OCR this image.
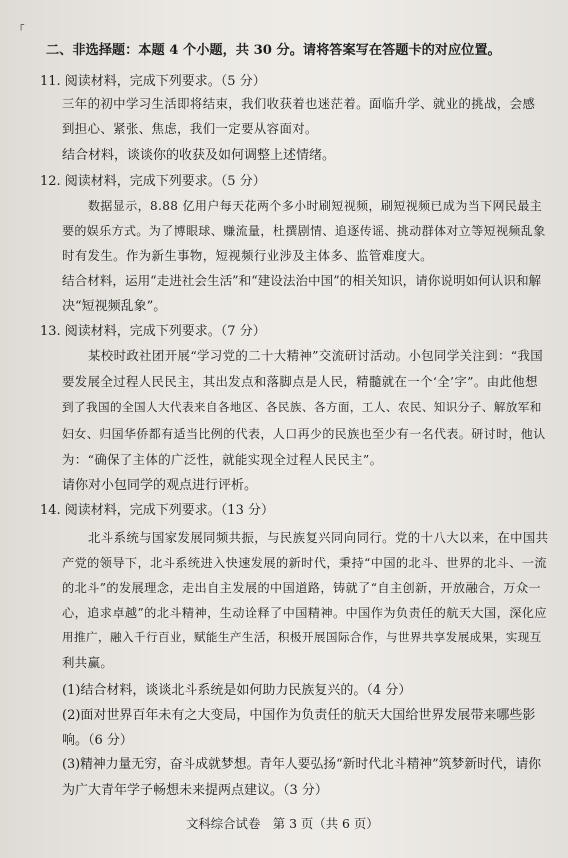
┌
二、非选择题：本题 4 个小题，共 30 分。请将答案写在答题卡的对应位置。
11. 阅读材料，完成下列要求。（5 分）
三年的初中学习生活即将结束，我们收获着也迷茫着。面临升学、就业的挑战，会感
到担心、紧张、焦虑，我们一定要从容面对。
结合材料，谈谈你的收获及如何调整上述情绪。
12. 阅读材料，完成下列要求。（5 分）
数据显示，8.88 亿用户每天花两个多小时刷短视频，刷短视频已成为当下网民最主
要的娱乐方式。为了博眼球、赚流量，杜撰剧情、追逐传谣、挑动群体对立等短视频乱象
时有发生。作为新生事物，短视频行业涉及主体多、监管难度大。
结合材料，运用“走进社会生活”和“建设法治中国”的相关知识，请你说明如何认识和解
决“短视频乱象”。
13. 阅读材料，完成下列要求。（7 分）
某校时政社团开展“学习党的二十大精神”交流研讨活动。小包同学关注到：“我国
要发展全过程人民民主，其出发点和落脚点是人民，精髓就在一个‘全’字”。由此他想
到了我国的全国人大代表来自各地区、各民族、各方面，工人、农民、知识分子、解放军和
妇女、归国华侨都有适当比例的代表，人口再少的民族也至少有一名代表。研讨时，他认
为：“确保了主体的广泛性，就能实现全过程人民民主”。
请你对小包同学的观点进行评析。
14. 阅读材料，完成下列要求。（13 分）
北斗系统与国家发展同频共振，与民族复兴同向同行。党的十八大以来，在中国共
产党的领导下，北斗系统进入快速发展的新时代，秉持“中国的北斗、世界的北斗、一流
的北斗”的发展理念，走出自主发展的中国道路，铸就了“自主创新，开放融合，万众一
心，追求卓越”的北斗精神，生动诠释了中国精神。中国作为负责任的航天大国，深化应
用推广，融入千行百业，赋能生产生活，积极开展国际合作，与世界共享发展成果，实现互
利共赢。
(1)结合材料，谈谈北斗系统是如何助力民族复兴的。（4 分）
(2)面对世界百年未有之大变局，中国作为负责任的航天大国给世界发展带来哪些影
响。（6 分）
(3)精神力量无穷，奋斗成就梦想。青年人要弘扬“新时代北斗精神”筑梦新时代，请你
为广大青年学子畅想未来提两点建议。（3 分）
文科综合试卷　第 3 页（共 6 页）
